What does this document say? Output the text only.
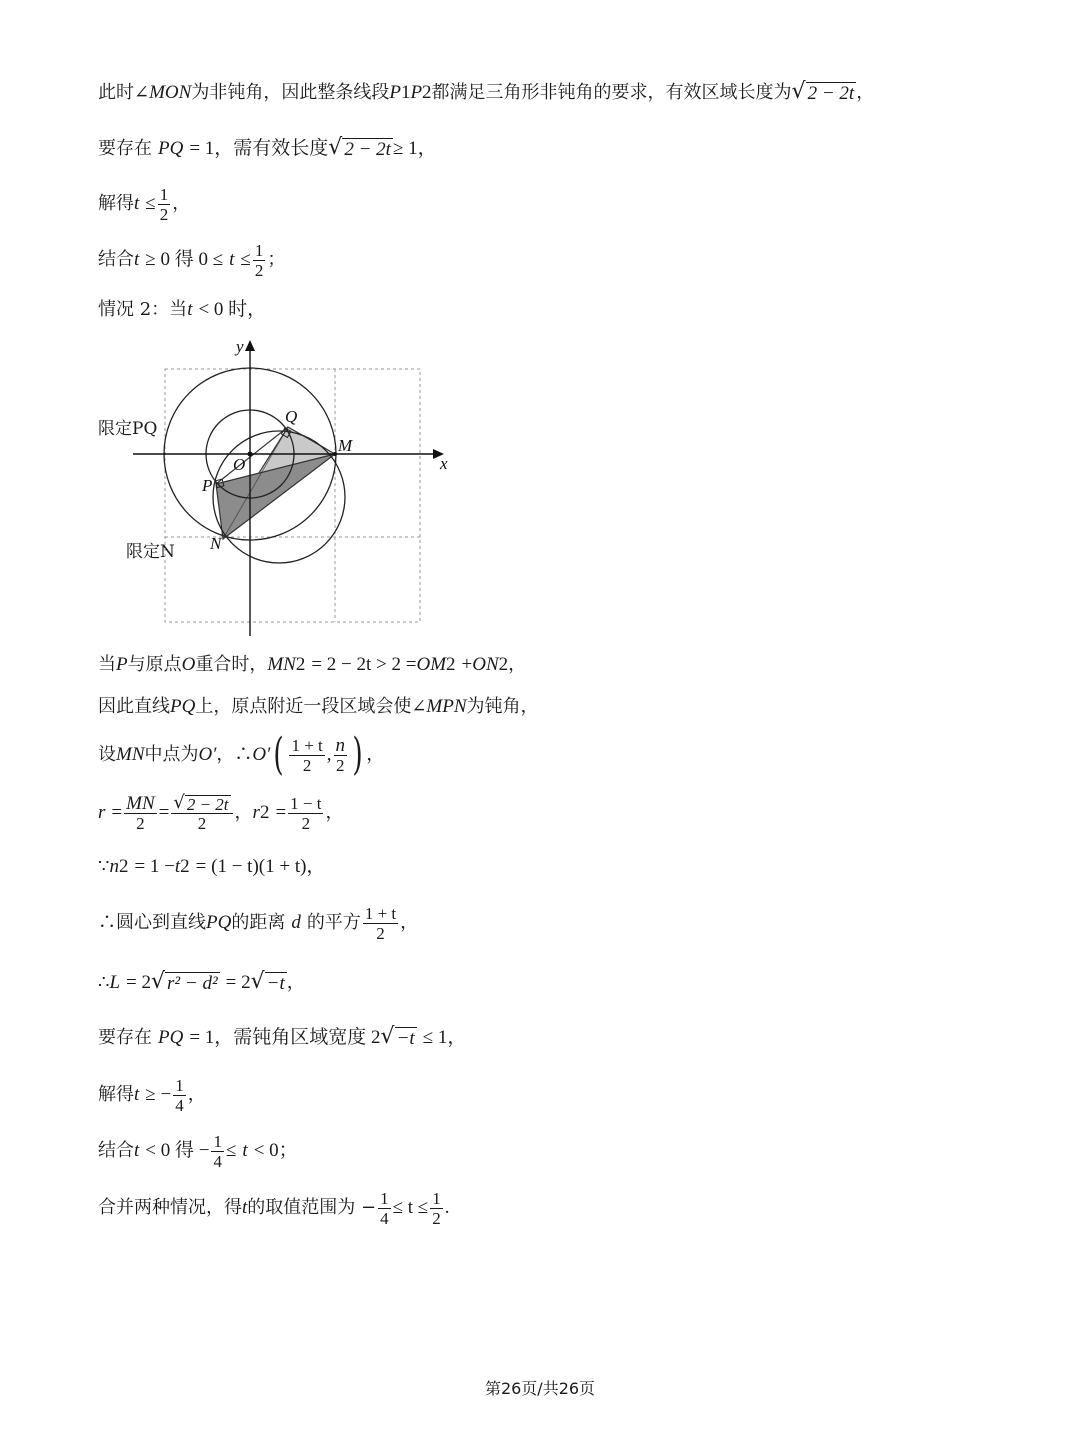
此时∠ MON 为非钝角，因此整条线段 P 1 P 2 都满足三角形非钝角的要求，有效区域长度为 √ 2 − 2t ，
要存在 PQ = 1，需有效长度 √ 2 − 2t ≥ 1，
解得 $t \le \frac{1}{2}$ ，
结合 t ≥ 0 得 $0 \le t \le \frac{1}{2}$ ；
情况 2：当 t < 0 时，
限定PQ
限定N
x
y
O
Q
M
P
N
当 P 与原点 O 重合时， MN 2 = 2 − 2t > 2 = OM 2 + ON 2 ，
因此直线 PQ 上，原点附近一段区域会使∠ MPN 为钝角，
设 MN 中点为 O′ ，∴ O′ ( $\frac{1 + t}{2}$ , $\frac{n}{2}$ ) ，
$r = \frac{MN}{2} = \frac{√ 2 - 2t}{2}$ ， r $2 = \frac{1 - t}{2}$ ，
∵ n 2 = 1 − t 2 = (1 − t)(1 + t)，
∴圆心到直线 PQ 的距离 d 的平方 $\frac{1 + t}{2}$ ，
∴ L = 2 √ r² − d² = 2 √ −t ，
要存在 PQ = 1，需钝角区域宽度 2 √ −t ≤ 1，
解得 t ≥ − $\frac{1}{4}$ ，
结合 t < 0 得 − $\frac{1}{4} \le t < 0$；
合并两种情况，得 t 的取值范围为 − $\frac{1}{4} \le t \le \frac{1}{2}$ .
第26页/共26页
